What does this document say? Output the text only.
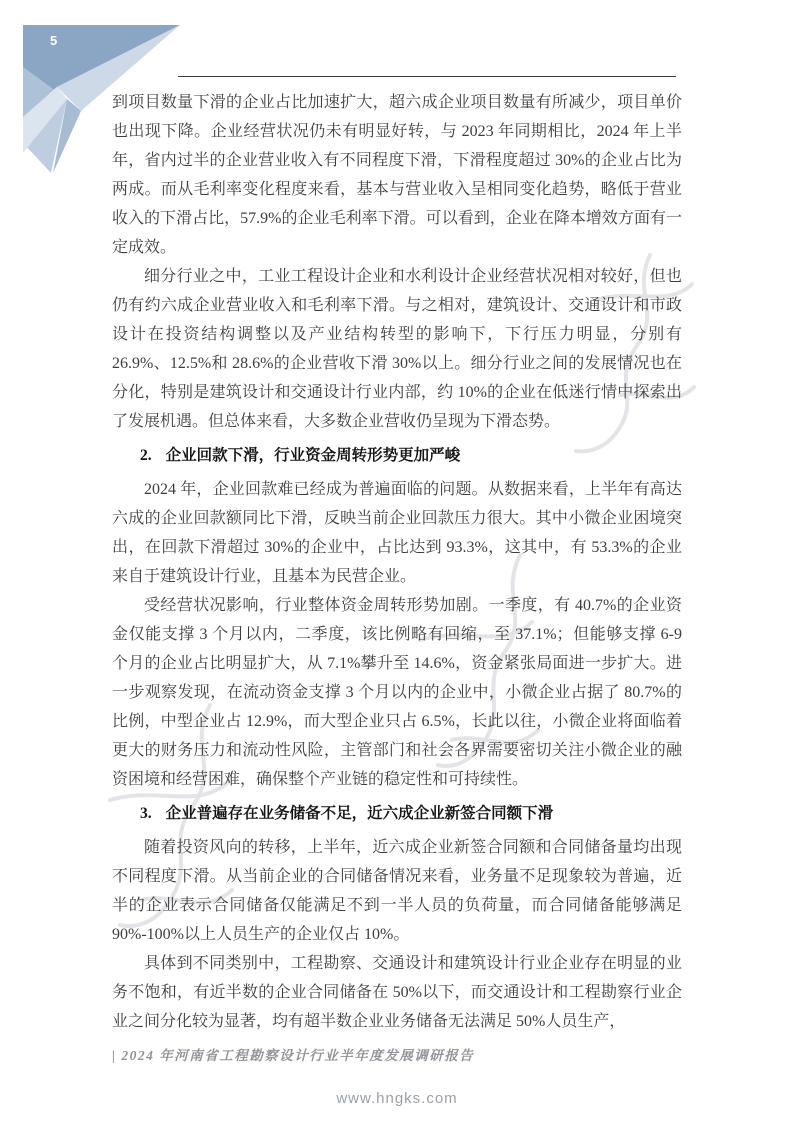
5

到项目数量下滑的企业占比加速扩大，超六成企业项目数量有所减少，项目单价也出现下降。企业经营状况仍未有明显好转，与 2023 年同期相比，2024 年上半年，省内过半的企业营业收入有不同程度下滑，下滑程度超过 30%的企业占比为两成。而从毛利率变化程度来看，基本与营业收入呈相同变化趋势，略低于营业收入的下滑占比，57.9%的企业毛利率下滑。可以看到，企业在降本增效方面有一定成效。

细分行业之中，工业工程设计企业和水利设计企业经营状况相对较好，但也仍有约六成企业营业收入和毛利率下滑。与之相对，建筑设计、交通设计和市政设计在投资结构调整以及产业结构转型的影响下，下行压力明显，分别有 26.9%、12.5%和 28.6%的企业营收下滑 30%以上。细分行业之间的发展情况也在分化，特别是建筑设计和交通设计行业内部，约 10%的企业在低迷行情中探索出了发展机遇。但总体来看，大多数企业营收仍呈现为下滑态势。

2. 企业回款下滑，行业资金周转形势更加严峻

2024 年，企业回款难已经成为普遍面临的问题。从数据来看，上半年有高达六成的企业回款额同比下滑，反映当前企业回款压力很大。其中小微企业困境突出，在回款下滑超过 30%的企业中，占比达到 93.3%，这其中，有 53.3%的企业来自于建筑设计行业，且基本为民营企业。

受经营状况影响，行业整体资金周转形势加剧。一季度，有 40.7%的企业资金仅能支撑 3 个月以内，二季度，该比例略有回缩，至 37.1%；但能够支撑 6-9 个月的企业占比明显扩大，从 7.1%攀升至 14.6%，资金紧张局面进一步扩大。进一步观察发现，在流动资金支撑 3 个月以内的企业中，小微企业占据了 80.7%的比例，中型企业占 12.9%，而大型企业只占 6.5%，长此以往，小微企业将面临着更大的财务压力和流动性风险，主管部门和社会各界需要密切关注小微企业的融资困境和经营困难，确保整个产业链的稳定性和可持续性。

3. 企业普遍存在业务储备不足，近六成企业新签合同额下滑

随着投资风向的转移，上半年，近六成企业新签合同额和合同储备量均出现不同程度下滑。从当前企业的合同储备情况来看，业务量不足现象较为普遍，近半的企业表示合同储备仅能满足不到一半人员的负荷量，而合同储备能够满足 90%-100%以上人员生产的企业仅占 10%。

具体到不同类别中，工程勘察、交通设计和建筑设计行业企业存在明显的业务不饱和，有近半数的企业合同储备在 50%以下，而交通设计和工程勘察行业企业之间分化较为显著，均有超半数企业业务储备无法满足 50%人员生产，

| 2024 年河南省工程勘察设计行业半年度发展调研报告
www.hngks.com
